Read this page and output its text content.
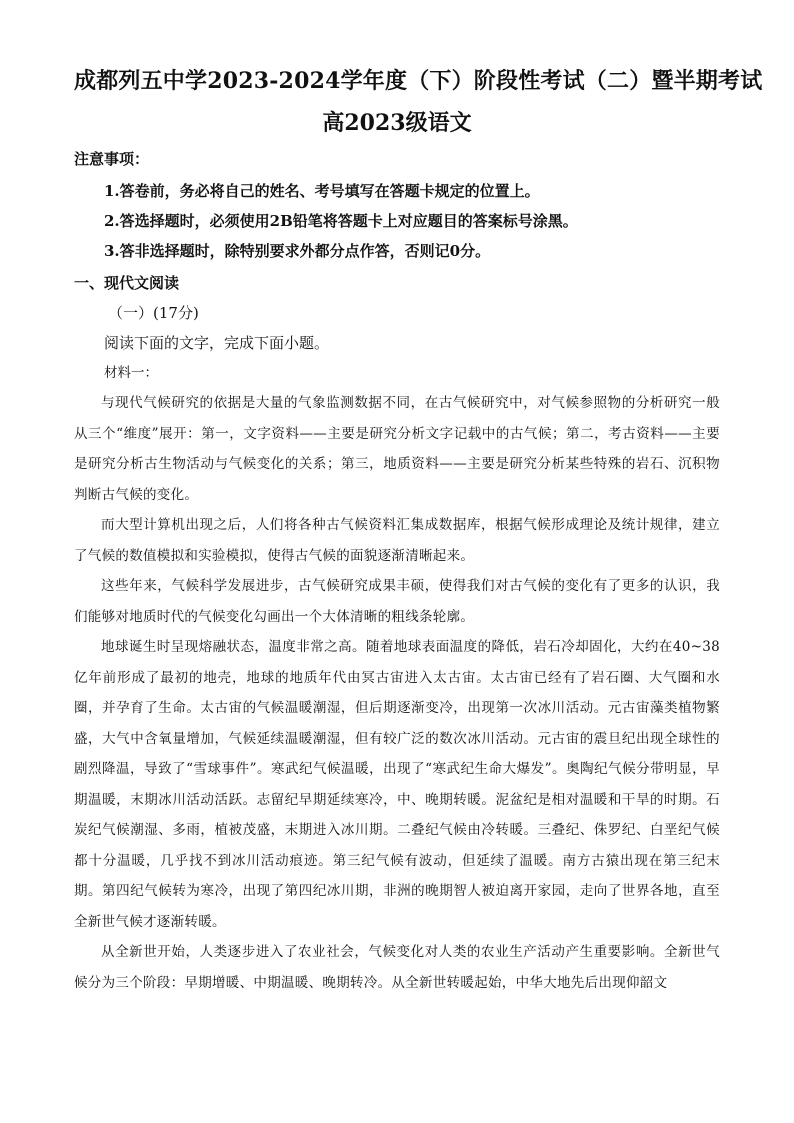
成都列五中学2023-2024学年度（下）阶段性考试（二）暨半期考试
高2023级语文

注意事项：

1.答卷前，务必将自己的姓名、考号填写在答题卡规定的位置上。

2.答选择题时，必须使用2B铅笔将答题卡上对应题目的答案标号涂黑。

3.答非选择题时，除特别要求外都分点作答，否则记0分。

一、现代文阅读

（一）(17分)

阅读下面的文字，完成下面小题。

材料一：

与现代气候研究的依据是大量的气象监测数据不同，在古气候研究中，对气候参照物的分析研究一般从三个“维度”展开：第一，文字资料——主要是研究分析文字记载中的古气候；第二，考古资料——主要是研究分析古生物活动与气候变化的关系；第三，地质资料——主要是研究分析某些特殊的岩石、沉积物判断古气候的变化。

而大型计算机出现之后，人们将各种古气候资料汇集成数据库，根据气候形成理论及统计规律，建立了气候的数值模拟和实验模拟，使得古气候的面貌逐渐清晰起来。

这些年来，气候科学发展进步，古气候研究成果丰硕，使得我们对古气候的变化有了更多的认识，我们能够对地质时代的气候变化勾画出一个大体清晰的粗线条轮廓。

地球诞生时呈现熔融状态，温度非常之高。随着地球表面温度的降低，岩石冷却固化，大约在40~38亿年前形成了最初的地壳，地球的地质年代由冥古宙进入太古宙。太古宙已经有了岩石圈、大气圈和水圈，并孕育了生命。太古宙的气候温暖潮湿，但后期逐渐变冷，出现第一次冰川活动。元古宙藻类植物繁盛，大气中含氧量增加，气候延续温暖潮湿，但有较广泛的数次冰川活动。元古宙的震旦纪出现全球性的剧烈降温，导致了“雪球事件”。寒武纪气候温暖，出现了“寒武纪生命大爆发”。奥陶纪气候分带明显，早期温暖，末期冰川活动活跃。志留纪早期延续寒冷，中、晚期转暖。泥盆纪是相对温暖和干旱的时期。石炭纪气候潮湿、多雨，植被茂盛，末期进入冰川期。二叠纪气候由冷转暖。三叠纪、侏罗纪、白垩纪气候都十分温暖，几乎找不到冰川活动痕迹。第三纪气候有波动，但延续了温暖。南方古猿出现在第三纪末期。第四纪气候转为寒冷，出现了第四纪冰川期，非洲的晚期智人被迫离开家园，走向了世界各地，直至全新世气候才逐渐转暖。

从全新世开始，人类逐步进入了农业社会，气候变化对人类的农业生产活动产生重要影响。全新世气候分为三个阶段：早期增暖、中期温暖、晚期转冷。从全新世转暖起始，中华大地先后出现仰韶文
